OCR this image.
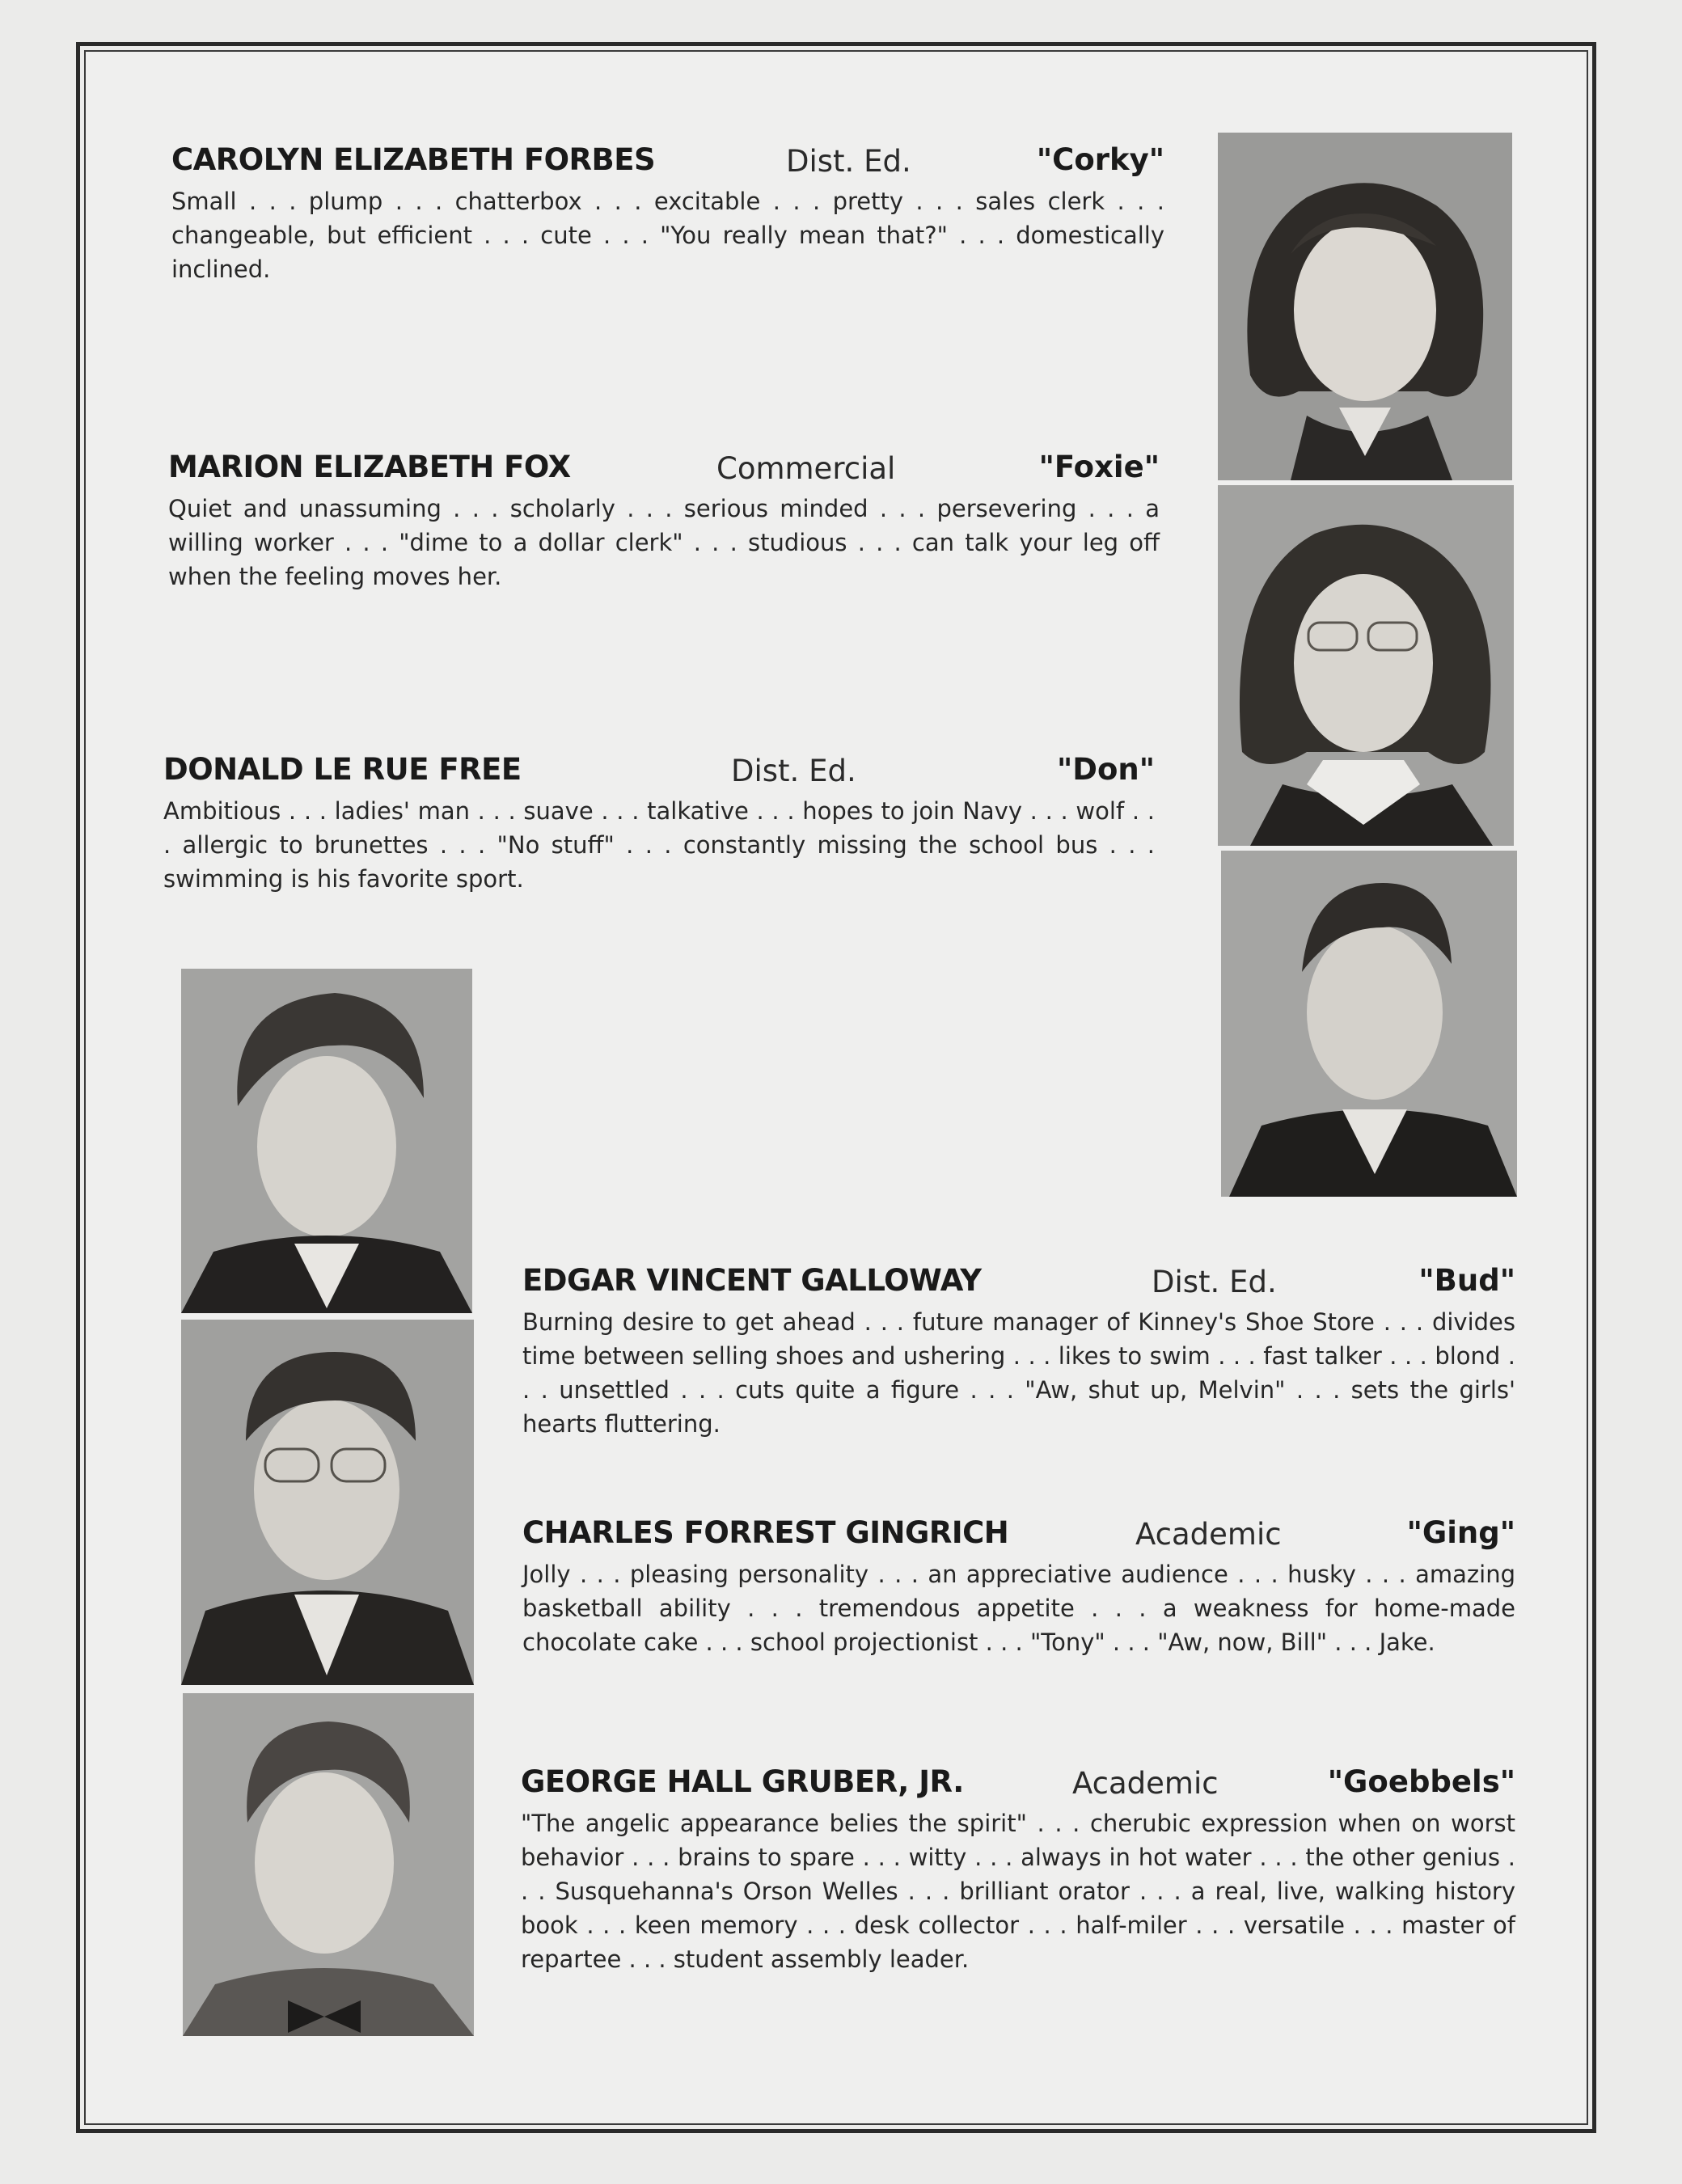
CAROLYN ELIZABETH FORBES	Dist. Ed.	"Corky"

Small . . . plump . . . chatterbox . . . excitable . . . pretty . . . sales clerk . . . changeable, but efficient . . . cute . . . "You really mean that?" . . . domestically inclined.

MARION ELIZABETH FOX	Commercial	"Foxie"

Quiet and unassuming . . . scholarly . . . serious minded . . . persevering . . . a willing worker . . . "dime to a dollar clerk" . . . studious . . . can talk your leg off when the feeling moves her.

DONALD LE RUE FREE	Dist. Ed.	"Don"

Ambitious . . . ladies' man . . . suave . . . talkative . . . hopes to join Navy . . . wolf . . . allergic to brunettes . . . "No stuff" . . . constantly missing the school bus . . . swimming is his favorite sport.

EDGAR VINCENT GALLOWAY	Dist. Ed.	"Bud"

Burning desire to get ahead . . . future manager of Kinney's Shoe Store . . . divides time between selling shoes and ushering . . . likes to swim . . . fast talker . . . blond . . . unsettled . . . cuts quite a figure . . . "Aw, shut up, Melvin" . . . sets the girls' hearts fluttering.

CHARLES FORREST GINGRICH	Academic	"Ging"

Jolly . . . pleasing personality . . . an appreciative audience . . . husky . . . amazing basketball ability . . . tremendous appetite . . . a weakness for home-made chocolate cake . . . school projectionist . . . "Tony" . . . "Aw, now, Bill" . . . Jake.

GEORGE HALL GRUBER, JR.	Academic	"Goebbels"

"The angelic appearance belies the spirit" . . . cherubic expression when on worst behavior . . . brains to spare . . . witty . . . always in hot water . . . the other genius . . . Susquehanna's Orson Welles . . . brilliant orator . . . a real, live, walking history book . . . keen memory . . . desk collector . . . half-miler . . . versatile . . . master of repartee . . . student assembly leader.
